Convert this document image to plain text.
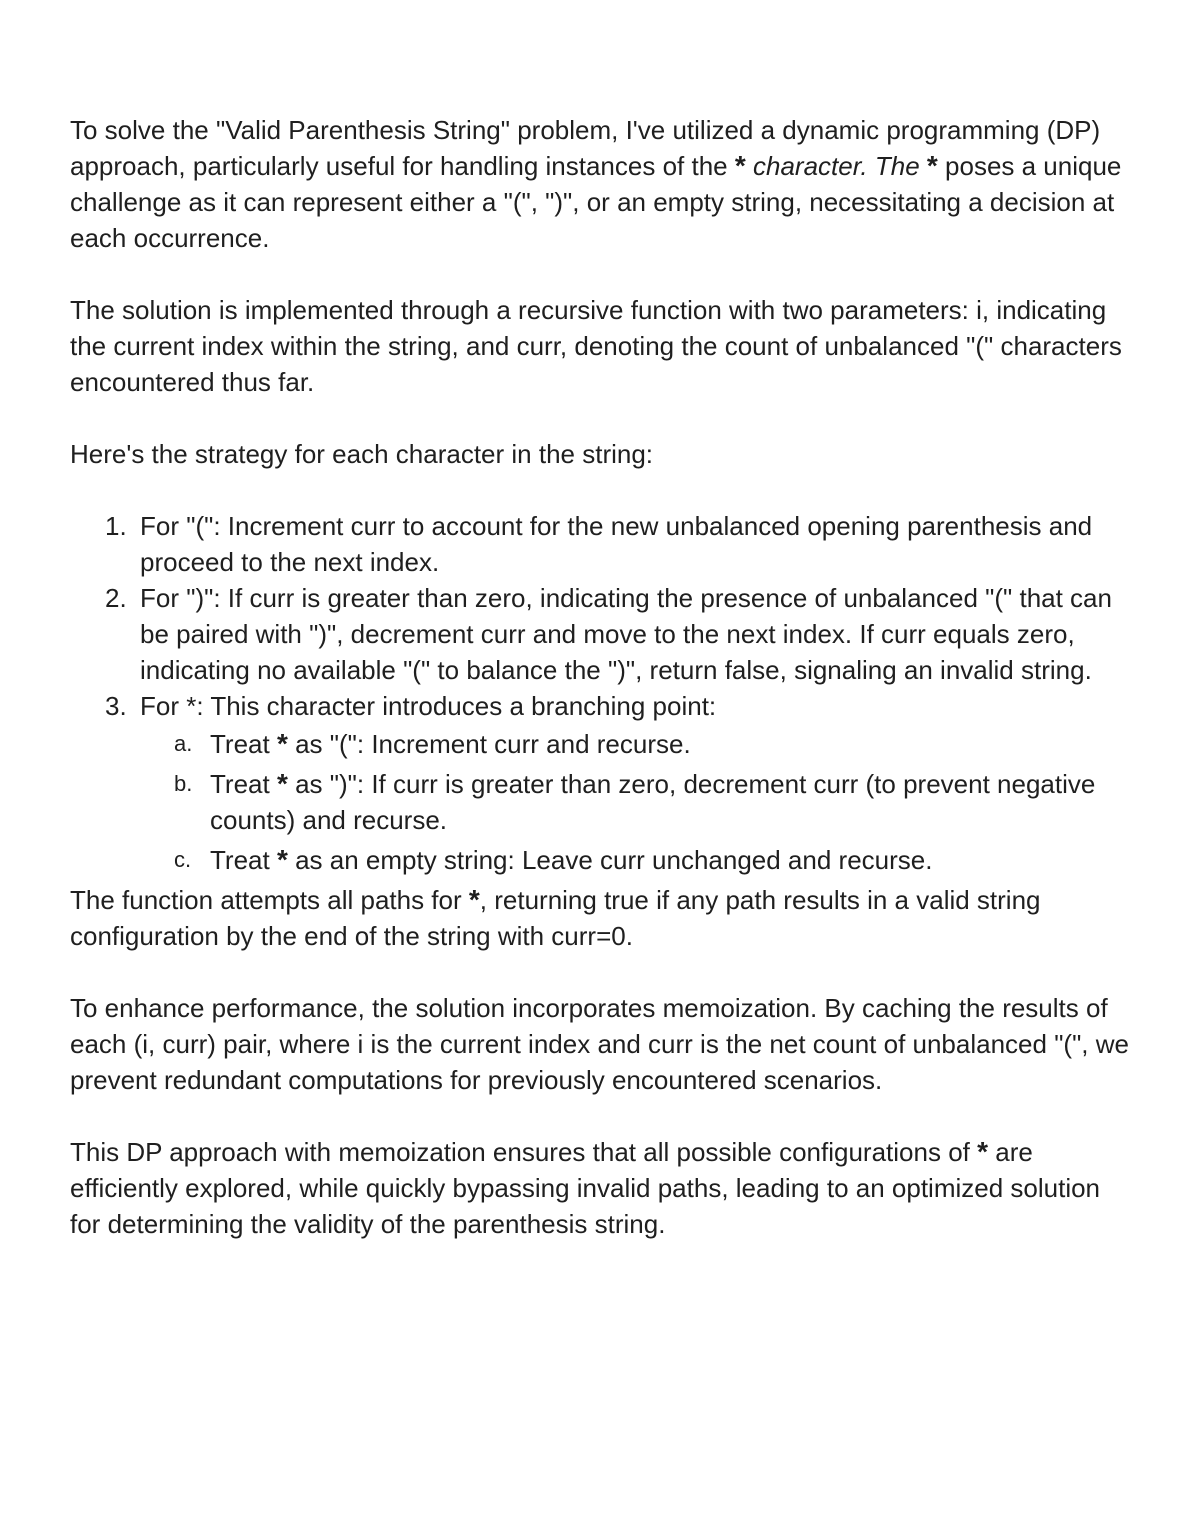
To solve the "Valid Parenthesis String" problem, I've utilized a dynamic programming (DP) approach, particularly useful for handling instances of the * character. The * poses a unique challenge as it can represent either a "(", ")", or an empty string, necessitating a decision at each occurrence.

The solution is implemented through a recursive function with two parameters: i, indicating the current index within the string, and curr, denoting the count of unbalanced "(" characters encountered thus far.

Here's the strategy for each character in the string:

1. For "(": Increment curr to account for the new unbalanced opening parenthesis and proceed to the next index.
2. For ")": If curr is greater than zero, indicating the presence of unbalanced "(" that can be paired with ")", decrement curr and move to the next index. If curr equals zero, indicating no available "(" to balance the ")", return false, signaling an invalid string.
3. For *: This character introduces a branching point:
a. Treat * as "(": Increment curr and recurse.
b. Treat * as ")": If curr is greater than zero, decrement curr (to prevent negative counts) and recurse.
c. Treat * as an empty string: Leave curr unchanged and recurse.

The function attempts all paths for *, returning true if any path results in a valid string configuration by the end of the string with curr=0.

To enhance performance, the solution incorporates memoization. By caching the results of each (i, curr) pair, where i is the current index and curr is the net count of unbalanced "(", we prevent redundant computations for previously encountered scenarios.

This DP approach with memoization ensures that all possible configurations of * are efficiently explored, while quickly bypassing invalid paths, leading to an optimized solution for determining the validity of the parenthesis string.
